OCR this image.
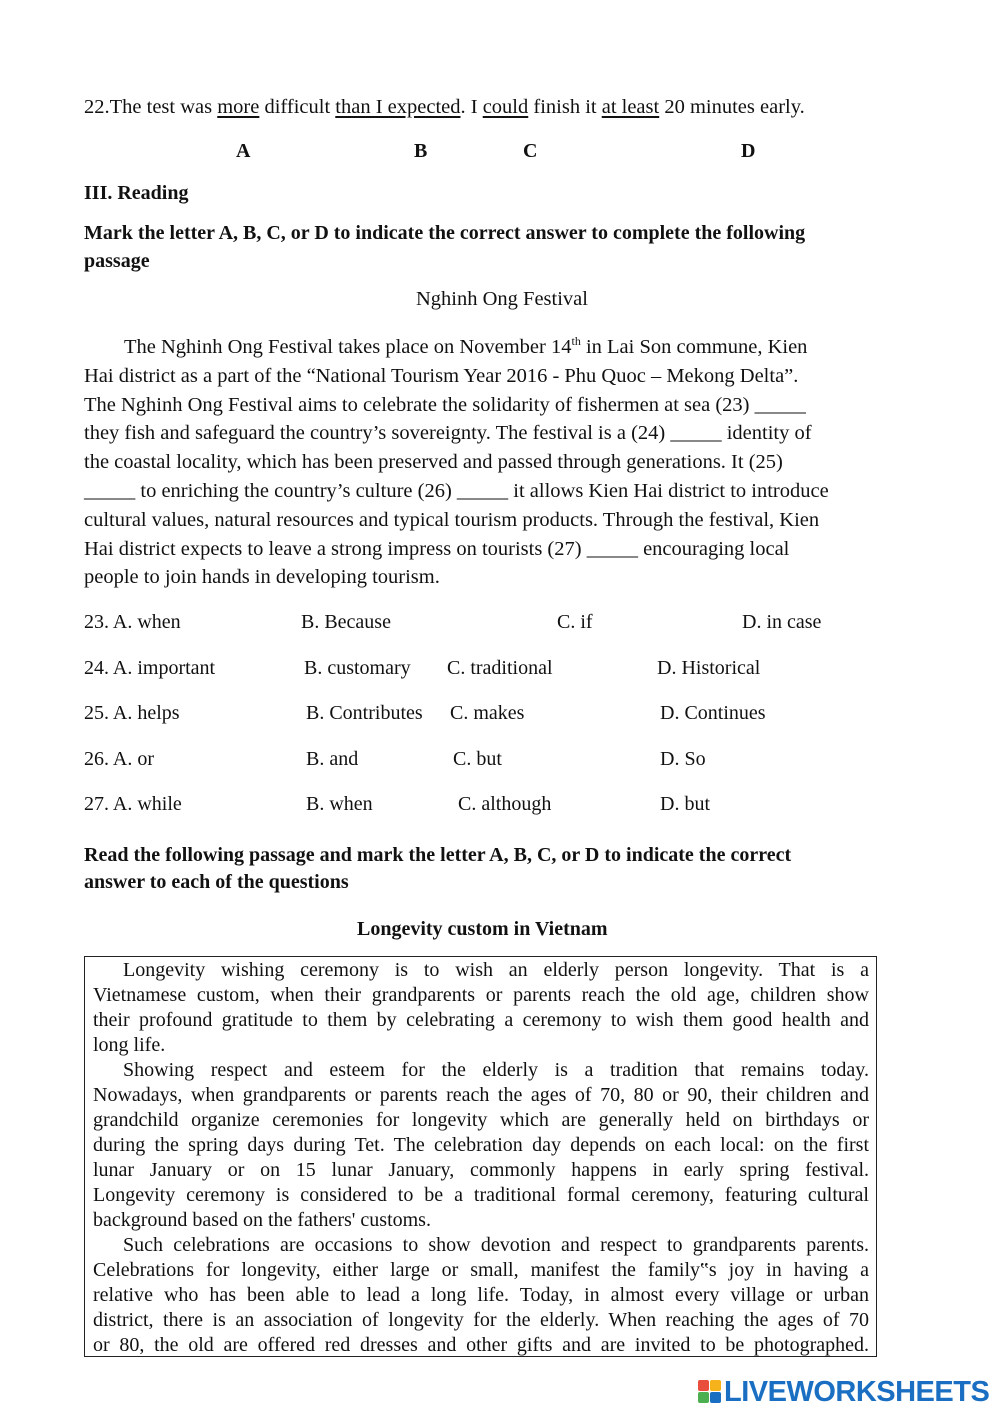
22.The test was more difficult than I expected. I could finish it at least 20 minutes early.
A	B	C	D
III. Reading
Mark the letter A, B, C, or D to indicate the correct answer to complete the following
passage
Nghinh Ong Festival
The Nghinh Ong Festival takes place on November 14th in Lai Son commune, Kien
Hai district as a part of the “National Tourism Year 2016 - Phu Quoc – Mekong Delta”.
The Nghinh Ong Festival aims to celebrate the solidarity of fishermen at sea (23) _____
they fish and safeguard the country’s sovereignty. The festival is a (24) _____ identity of
the coastal locality, which has been preserved and passed through generations. It (25)
_____ to enriching the country’s culture (26) _____ it allows Kien Hai district to introduce
cultural values, natural resources and typical tourism products. Through the festival, Kien
Hai district expects to leave a strong impress on tourists (27) _____ encouraging local
people to join hands in developing tourism.
23. A. when	B. Because	C. if	D. in case
24. A. important	B. customary C. traditional	D. Historical
25. A. helps	B. Contributes C. makes	D. Continues
26. A. or	B. and	C. but	D. So
27. A. while	B. when	C. although	D. but
Read the following passage and mark the letter A, B, C, or D to indicate the correct
answer to each of the questions
Longevity custom in Vietnam
Longevity wishing ceremony is to wish an elderly person longevity. That is a
Vietnamese custom, when their grandparents or parents reach the old age, children show
their profound gratitude to them by celebrating a ceremony to wish them good health and
long life.
Showing respect and esteem for the elderly is a tradition that remains today.
Nowadays, when grandparents or parents reach the ages of 70, 80 or 90, their children and
grandchild organize ceremonies for longevity which are generally held on birthdays or
during the spring days during Tet. The celebration day depends on each local: on the first
lunar January or on 15 lunar January, commonly happens in early spring festival.
Longevity ceremony is considered to be a traditional formal ceremony, featuring cultural
background based on the fathers' customs.
Such celebrations are occasions to show devotion and respect to grandparents parents.
Celebrations for longevity, either large or small, manifest the family‟s joy in having a
relative who has been able to lead a long life. Today, in almost every village or urban
district, there is an association of longevity for the elderly. When reaching the ages of 70
or 80, the old are offered red dresses and other gifts and are invited to be photographed.
LIVEWORKSHEETS
